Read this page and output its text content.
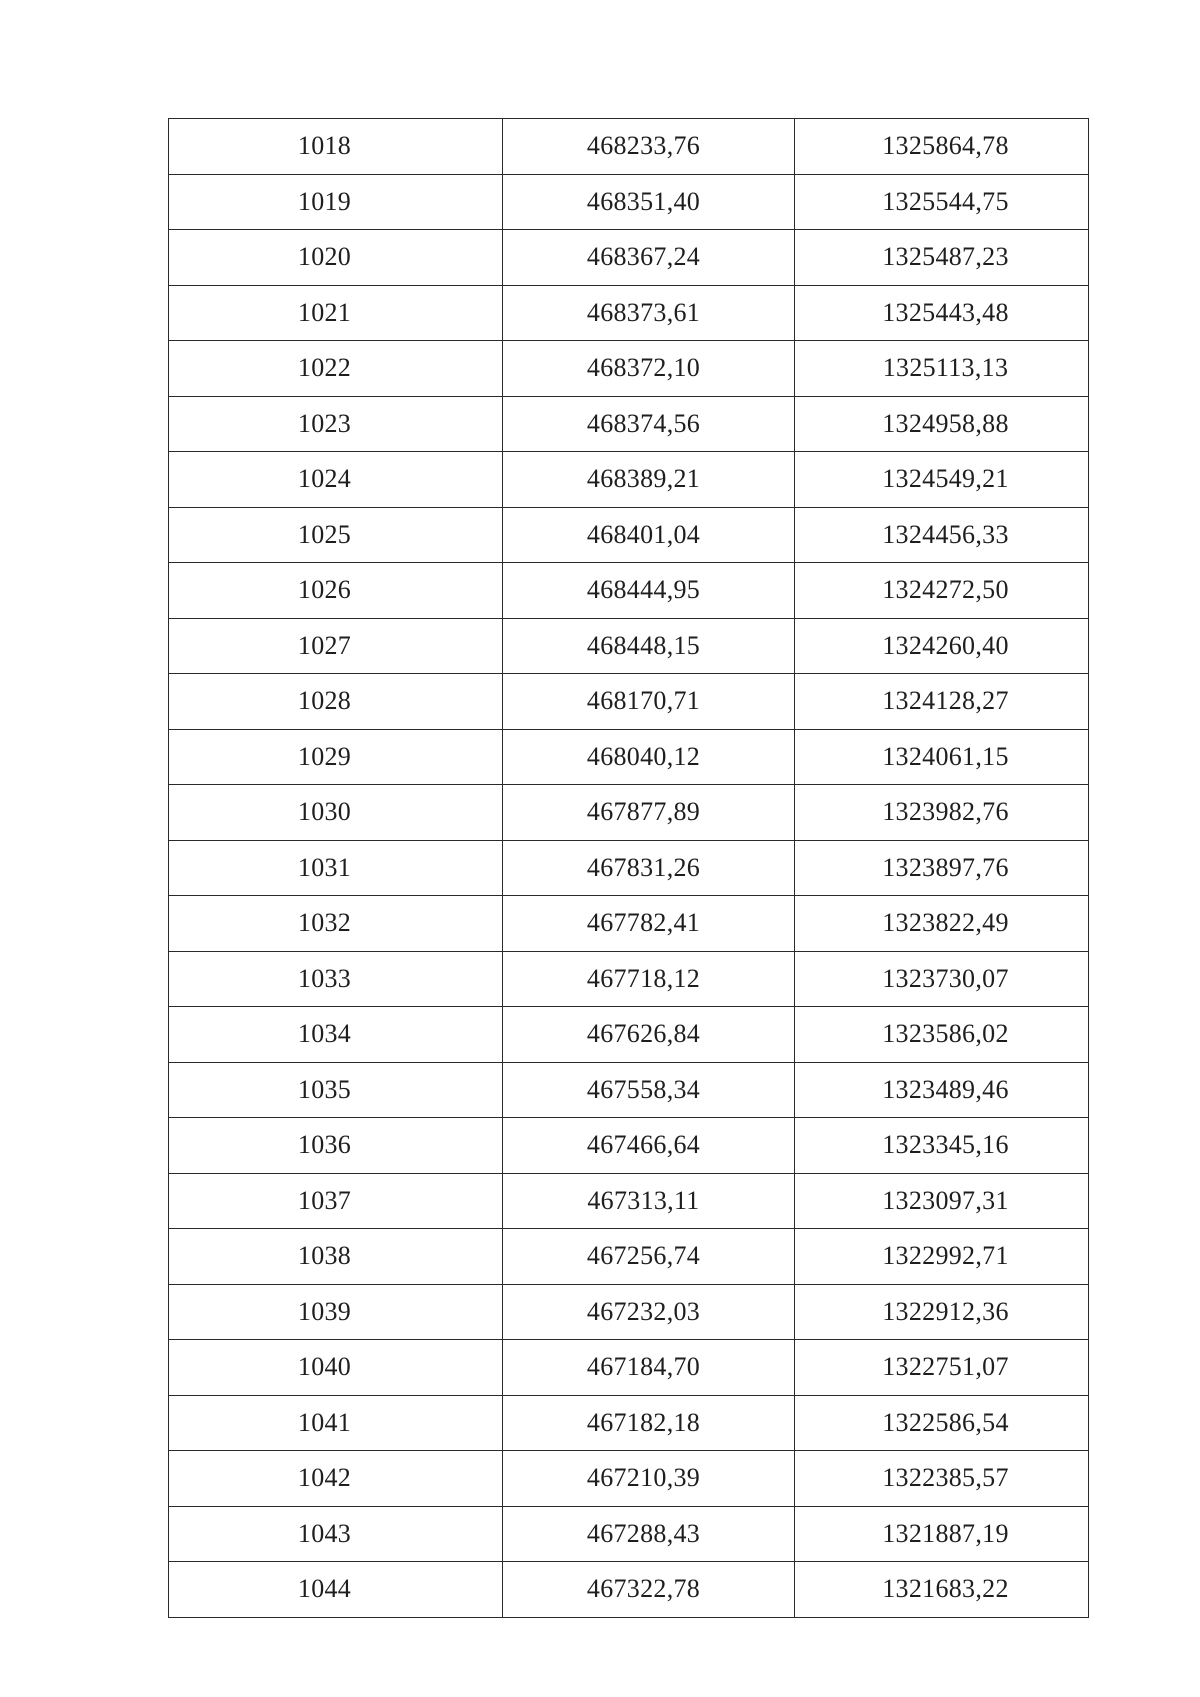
1018	468233,76	1325864,78
1019	468351,40	1325544,75
1020	468367,24	1325487,23
1021	468373,61	1325443,48
1022	468372,10	1325113,13
1023	468374,56	1324958,88
1024	468389,21	1324549,21
1025	468401,04	1324456,33
1026	468444,95	1324272,50
1027	468448,15	1324260,40
1028	468170,71	1324128,27
1029	468040,12	1324061,15
1030	467877,89	1323982,76
1031	467831,26	1323897,76
1032	467782,41	1323822,49
1033	467718,12	1323730,07
1034	467626,84	1323586,02
1035	467558,34	1323489,46
1036	467466,64	1323345,16
1037	467313,11	1323097,31
1038	467256,74	1322992,71
1039	467232,03	1322912,36
1040	467184,70	1322751,07
1041	467182,18	1322586,54
1042	467210,39	1322385,57
1043	467288,43	1321887,19
1044	467322,78	1321683,22
